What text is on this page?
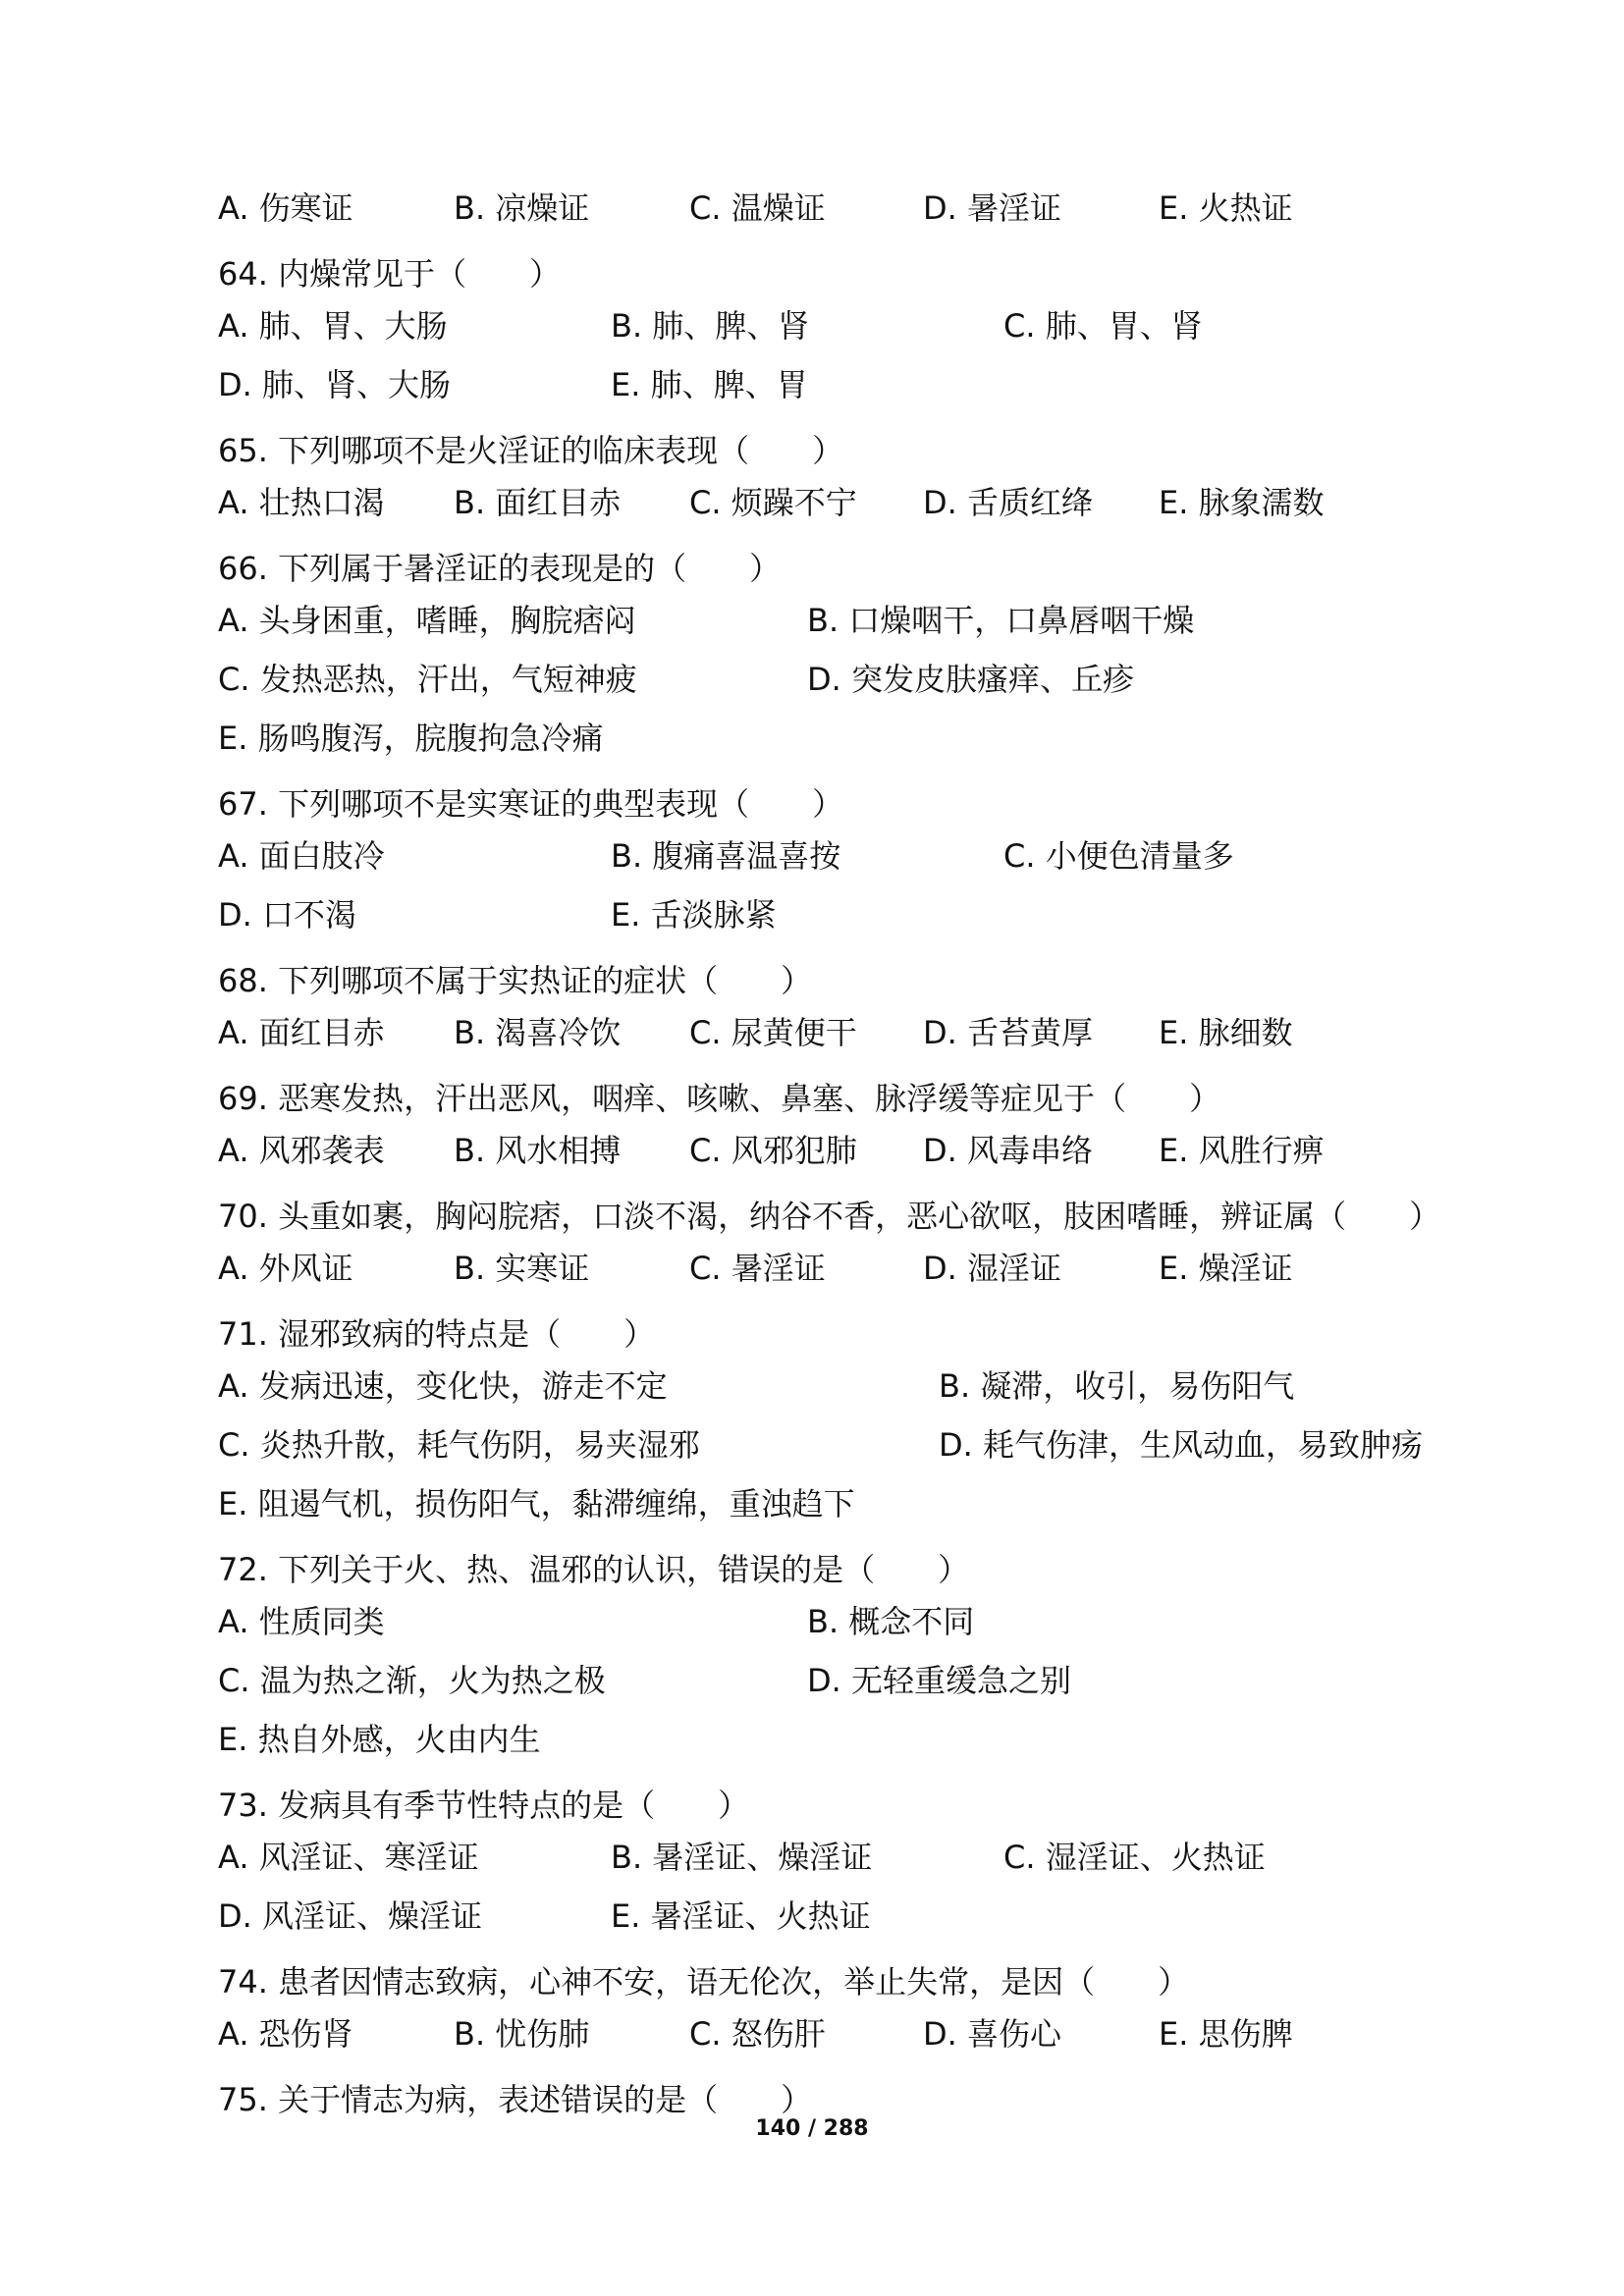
A. 伤寒证	B. 凉燥证	C. 温燥证	D. 暑淫证	E. 火热证
64. 内燥常见于（　　）
A. 肺、胃、大肠	B. 肺、脾、肾	C. 肺、胃、肾
D. 肺、肾、大肠	E. 肺、脾、胃
65. 下列哪项不是火淫证的临床表现（　　）
A. 壮热口渴 B. 面红目赤 C. 烦躁不宁 D. 舌质红绛 E. 脉象濡数
66. 下列属于暑淫证的表现是的（　　）
A. 头身困重，嗜睡，胸脘痞闷	B. 口燥咽干，口鼻唇咽干燥
C. 发热恶热，汗出，气短神疲	D. 突发皮肤瘙痒、丘疹
E. 肠鸣腹泻，脘腹拘急冷痛
67. 下列哪项不是实寒证的典型表现（　　）
A. 面白肢冷	B. 腹痛喜温喜按	C. 小便色清量多
D. 口不渴	E. 舌淡脉紧
68. 下列哪项不属于实热证的症状（　　）
A. 面红目赤 B. 渴喜冷饮 C. 尿黄便干 D. 舌苔黄厚 E. 脉细数
69. 恶寒发热，汗出恶风，咽痒、咳嗽、鼻塞、脉浮缓等症见于（　　）
A. 风邪袭表 B. 风水相搏 C. 风邪犯肺 D. 风毒串络 E. 风胜行痹
70. 头重如裹，胸闷脘痞，口淡不渴，纳谷不香，恶心欲呕，肢困嗜睡，辨证属（　　）
A. 外风证	B. 实寒证	C. 暑淫证	D. 湿淫证	E. 燥淫证
71. 湿邪致病的特点是（　　）
A. 发病迅速，变化快，游走不定	B. 凝滞，收引，易伤阳气
C. 炎热升散，耗气伤阴，易夹湿邪	D. 耗气伤津，生风动血，易致肿疡
E. 阻遏气机，损伤阳气，黏滞缠绵，重浊趋下
72. 下列关于火、热、温邪的认识，错误的是（　　）
A. 性质同类	B. 概念不同
C. 温为热之渐，火为热之极	D. 无轻重缓急之别
E. 热自外感，火由内生
73. 发病具有季节性特点的是（　　）
A. 风淫证、寒淫证	B. 暑淫证、燥淫证	C. 湿淫证、火热证
D. 风淫证、燥淫证	E. 暑淫证、火热证
74. 患者因情志致病，心神不安，语无伦次，举止失常，是因（　　）
A. 恐伤肾	B. 忧伤肺	C. 怒伤肝	D. 喜伤心	E. 思伤脾
75. 关于情志为病，表述错误的是（　　）
140 / 288
